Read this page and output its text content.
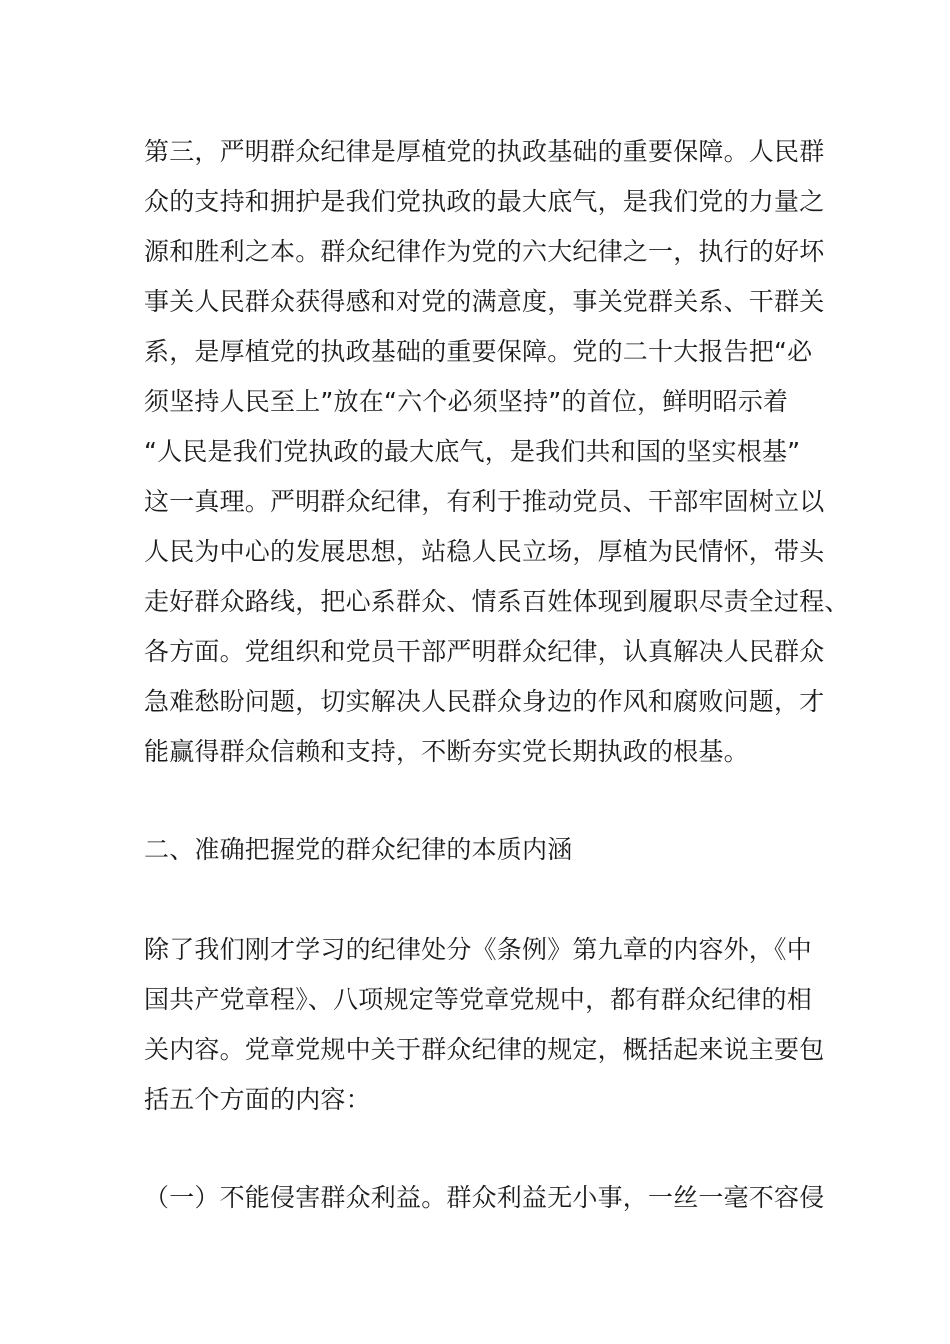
第三，严明群众纪律是厚植党的执政基础的重要保障。人民群
众的支持和拥护是我们党执政的最大底气，是我们党的力量之
源和胜利之本。群众纪律作为党的六大纪律之一，执行的好坏
事关人民群众获得感和对党的满意度，事关党群关系、干群关
系，是厚植党的执政基础的重要保障。党的二十大报告把“必
须坚持人民至上”放在“六个必须坚持”的首位，鲜明昭示着
“人民是我们党执政的最大底气，是我们共和国的坚实根基”
这一真理。严明群众纪律，有利于推动党员、干部牢固树立以
人民为中心的发展思想，站稳人民立场，厚植为民情怀，带头
走好群众路线，把心系群众、情系百姓体现到履职尽责全过程、
各方面。党组织和党员干部严明群众纪律，认真解决人民群众
急难愁盼问题，切实解决人民群众身边的作风和腐败问题，才
能赢得群众信赖和支持，不断夯实党长期执政的根基。
二、准确把握党的群众纪律的本质内涵
除了我们刚才学习的纪律处分《条例》第九章的内容外，《中
国共产党章程》、八项规定等党章党规中，都有群众纪律的相
关内容。党章党规中关于群众纪律的规定，概括起来说主要包
括五个方面的内容：
（一）不能侵害群众利益。群众利益无小事，一丝一毫不容侵
